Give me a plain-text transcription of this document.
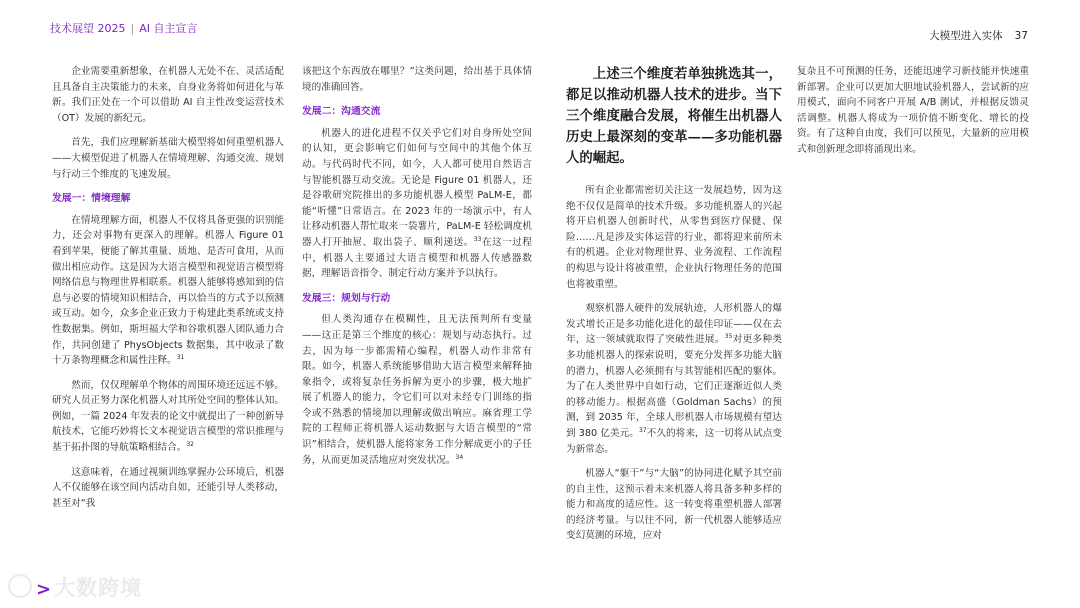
技术展望 2025 | AI 自主宣言
大模型进入实体 37

企业需要重新想象，在机器人无处不在、灵活适配且具备自主决策能力的未来，自身业务将如何进化与革新。我们正处在一个可以借助 AI 自主性改变运营技术（OT）发展的新纪元。

首先，我们应理解新基础大模型将如何重塑机器人——大模型促进了机器人在情境理解、沟通交流、规划与行动三个维度的飞速发展。

发展一：情境理解

在情境理解方面，机器人不仅将具备更强的识别能力，还会对事物有更深入的理解。机器人 Figure 01 看到苹果，便能了解其重量、质地、是否可食用，从而做出相应动作。这是因为大语言模型和视觉语言模型将网络信息与物理世界相联系。机器人能够将感知到的信息与必要的情境知识相结合，再以恰当的方式予以预测或互动。如今，众多企业正致力于构建此类系统或支持性数据集。例如，斯坦福大学和谷歌机器人团队通力合作，共同创建了 PhysObjects 数据集，其中收录了数十万条物理概念和属性注释。$^{31}$

然而，仅仅理解单个物体的周围环境还远远不够。研究人员正努力深化机器人对其所处空间的整体认知。例如，一篇 2024 年发表的论文中就提出了一种创新导航技术，它能巧妙将长文本视觉语言模型的常识推理与基于拓扑图的导航策略相结合。$^{32}$

这意味着，在通过视频训练掌握办公环境后，机器人不仅能够在该空间内活动自如，还能引导人类移动，甚至对“我

该把这个东西放在哪里？”这类问题，给出基于具体情境的准确回答。

发展二：沟通交流

机器人的进化进程不仅关乎它们对自身所处空间的认知，更会影响它们如何与空间中的其他个体互动。与代码时代不同，如今，人人都可使用自然语言与智能机器互动交流。无论是 Figure 01 机器人，还是谷歌研究院推出的多功能机器人模型 PaLM-E，都能“听懂”日常语言。在 2023 年的一场演示中，有人让移动机器人帮忙取来一袋薯片，PaLM-E 轻松调度机器人打开抽屉、取出袋子、顺利递送。$^{33}$在这一过程中，机器人主要通过大语言模型和机器人传感器数据，理解语音指令、制定行动方案并予以执行。

发展三：规划与行动

但人类沟通存在模糊性，且无法预判所有变量——这正是第三个维度的核心：规划与动态执行。过去，因为每一步都需精心编程，机器人动作非常有限。如今，机器人系统能够借助大语言模型来解释抽象指令，或将复杂任务拆解为更小的步骤，极大地扩展了机器人的能力，令它们可以对未经专门训练的指令或不熟悉的情境加以理解或做出响应。麻省理工学院的工程师正将机器人运动数据与大语言模型的“常识”相结合，使机器人能将家务工作分解成更小的子任务，从而更加灵活地应对突发状况。$^{34}$

上述三个维度若单独挑选其一，都足以推动机器人技术的进步。当下三个维度融合发展，将催生出机器人历史上最深刻的变革——多功能机器人的崛起。

所有企业都需密切关注这一发展趋势，因为这绝不仅仅是简单的技术升级。多功能机器人的兴起将开启机器人创新时代，从零售到医疗保健、保险……凡是涉及实体运营的行业，都将迎来前所未有的机遇。企业对物理世界、业务流程、工作流程的构思与设计将被重塑，企业执行物理任务的范围也将被重塑。

观察机器人硬件的发展轨迹，人形机器人的爆发式增长正是多功能化进化的最佳印证——仅在去年，这一领域就取得了突破性进展。$^{35}$对更多种类多功能机器人的探索说明，要充分发挥多功能大脑的潜力，机器人必须拥有与其智能相匹配的躯体。为了在人类世界中自如行动，它们正逐渐近似人类的移动能力。根据高盛（Goldman Sachs）的预测，到 2035 年，全球人形机器人市场规模有望达到 380 亿美元。$^{37}$不久的将来，这一切将从试点变为新常态。

机器人“躯干”与“大脑”的协同进化赋予其空前的自主性，这预示着未来机器人将具备多种多样的能力和高度的适应性。这一转变将重塑机器人部署的经济考量。与以往不同，新一代机器人能够适应变幻莫测的环境，应对

复杂且不可预测的任务，还能迅速学习新技能并快速重新部署。企业可以更加大胆地试验机器人，尝试新的应用模式，面向不同客户开展 A/B 测试，并根据反馈灵活调整。机器人将成为一项价值不断变化、增长的投资。有了这种自由度，我们可以预见，大量新的应用模式和创新理念即将涌现出来。

>大数跨境
